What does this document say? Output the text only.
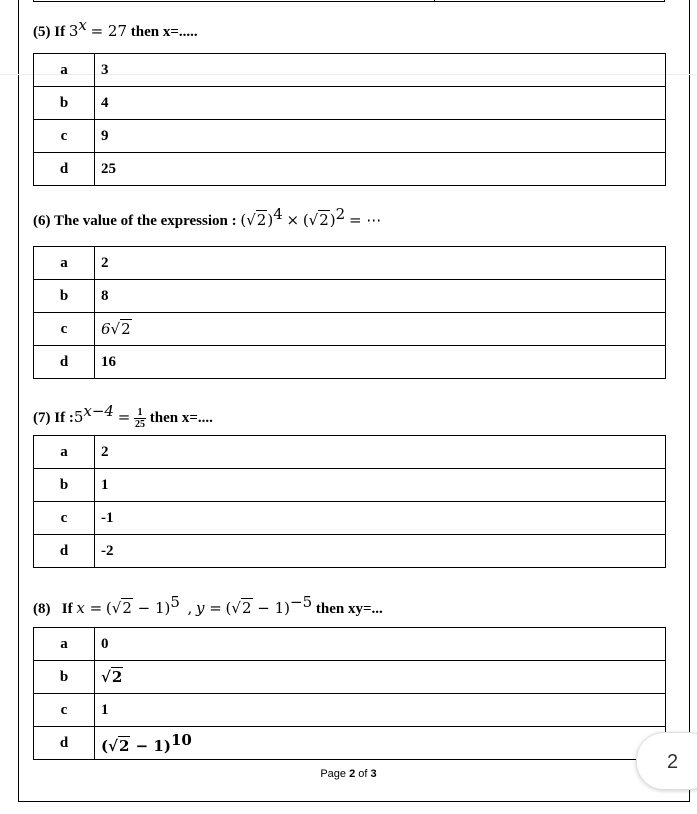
(5) If $3^x = 27$ then x=.....
a	3
b	4
c	9
d	25
(6) The value of the expression : $(√2)^4 \times (√2)^2$ = ⋯
a	2
b	8
c	6√2
d	16
(7) If $:5^{x-4} = \frac{1}{25}$ then x=....
a	2
b	1
c	-1
d	-2
(8) If $x = (√2 - 1)^5$ , $y = (√2 - 1)^{-5}$ then xy=...
a	0
b	√2
c	1
d	$(√2 - 1)^{10}$
Page 2 of 3
2
